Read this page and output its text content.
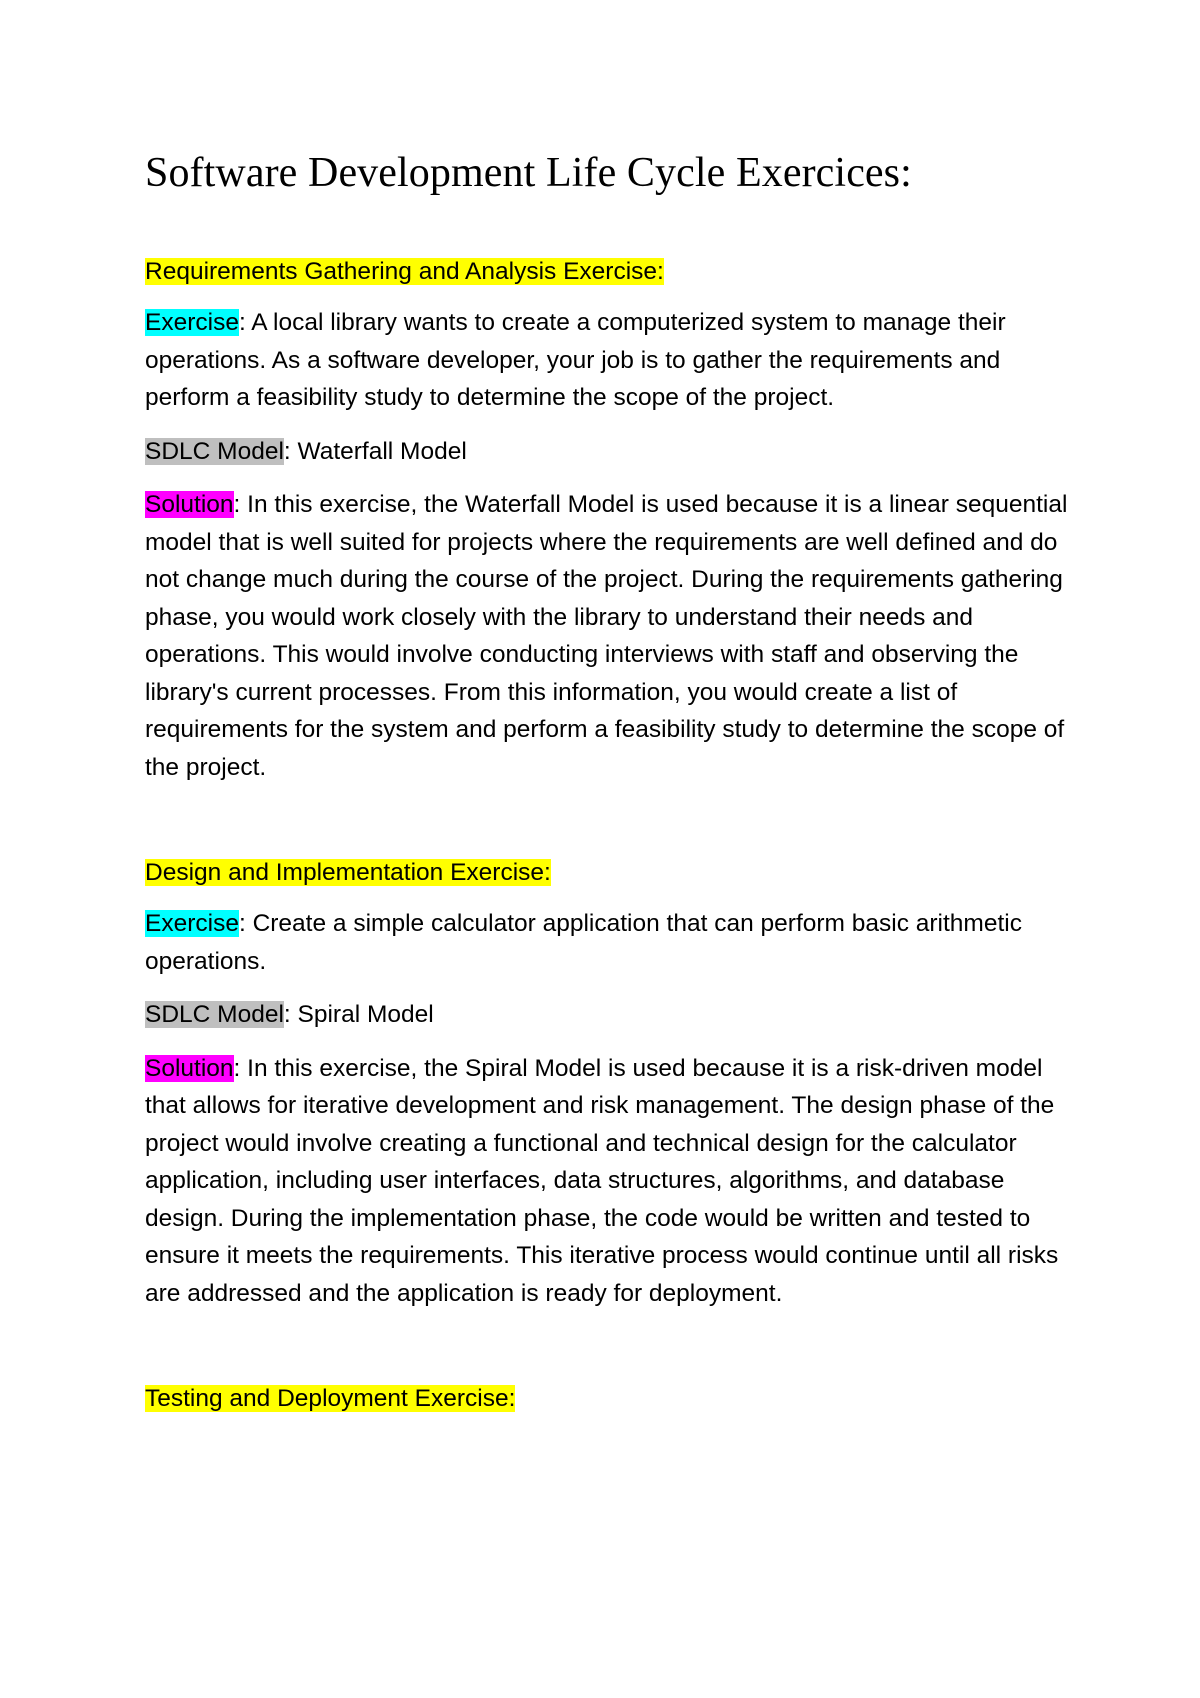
Software Development Life Cycle Exercices:
Requirements Gathering and Analysis Exercise:

Exercise: A local library wants to create a computerized system to manage their operations. As a software developer, your job is to gather the requirements and perform a feasibility study to determine the scope of the project.

SDLC Model: Waterfall Model

Solution: In this exercise, the Waterfall Model is used because it is a linear sequential model that is well suited for projects where the requirements are well defined and do not change much during the course of the project. During the requirements gathering phase, you would work closely with the library to understand their needs and operations. This would involve conducting interviews with staff and observing the library's current processes. From this information, you would create a list of requirements for the system and perform a feasibility study to determine the scope of the project.

Design and Implementation Exercise:

Exercise: Create a simple calculator application that can perform basic arithmetic operations.

SDLC Model: Spiral Model

Solution: In this exercise, the Spiral Model is used because it is a risk-driven model that allows for iterative development and risk management. The design phase of the project would involve creating a functional and technical design for the calculator application, including user interfaces, data structures, algorithms, and database design. During the implementation phase, the code would be written and tested to ensure it meets the requirements. This iterative process would continue until all risks are addressed and the application is ready for deployment.

Testing and Deployment Exercise:
